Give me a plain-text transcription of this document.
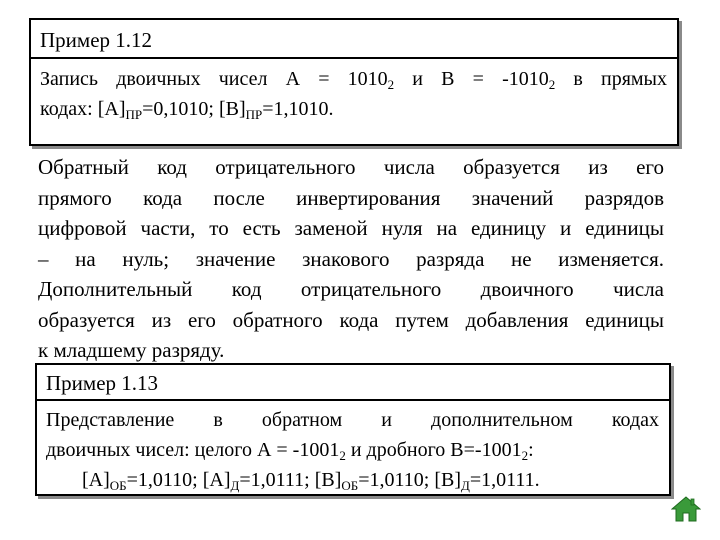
Пример 1.12
Запись двоичных чисел $А = 1010_2$ и $В = -1010_2$ в прямых
кодах: $[А]_{ПР}=0,1010$; $[В]_{ПР}=1,1010$.
Обратный код отрицательного числа образуется из его
прямого кода после инвертирования значений разрядов
цифровой части, то есть заменой нуля на единицу и единицы
– на нуль; значение знакового разряда не изменяется.
Дополнительный код отрицательного двоичного числа
образуется из его обратного кода путем добавления единицы
к младшему разряду.
Пример 1.13
Представление в обратном и дополнительном кодах
двоичных чисел: целого $А = -1001_2$ и дробного $В=-1001_2$:
$[А]_{ОБ}=1,0110$; $[А]_Д=1,0111$; $[В]_{ОБ}=1,0110$; $[В]_Д=1,0111$.
